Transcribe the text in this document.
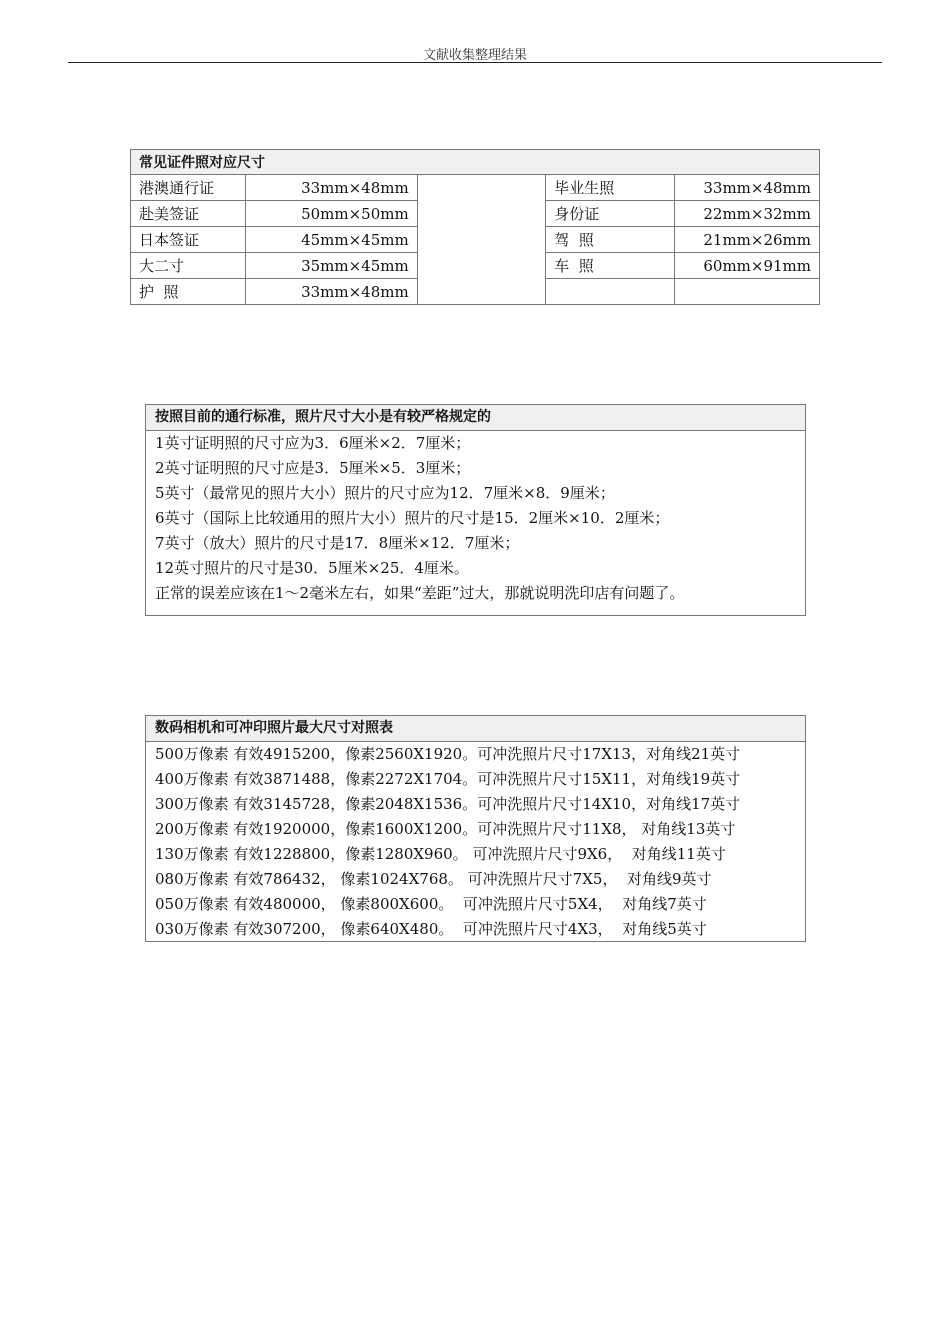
文献收集整理结果
常见证件照对应尺寸				
港澳通行证	33mm×48mm		毕业生照	33mm×48mm
赴美签证	50mm×50mm		身份证	22mm×32mm
日本签证	45mm×45mm		驾  照	21mm×26mm
大二寸	35mm×45mm		车  照	60mm×91mm
护  照	33mm×48mm			
按照目前的通行标准，照片尺寸大小是有较严格规定的
1英寸证明照的尺寸应为3．6厘米×2．7厘米；
2英寸证明照的尺寸应是3．5厘米×5．3厘米；
5英寸（最常见的照片大小）照片的尺寸应为12．7厘米×8．9厘米；
6英寸（国际上比较通用的照片大小）照片的尺寸是15．2厘米×10．2厘米；
7英寸（放大）照片的尺寸是17．8厘米×12．7厘米；
12英寸照片的尺寸是30．5厘米×25．4厘米。
正常的误差应该在1～2毫米左右，如果“差距”过大，那就说明洗印店有问题了。
数码相机和可冲印照片最大尺寸对照表
500万像素 有效4915200，像素2560X1920。可冲洗照片尺寸17X13，对角线21英寸
400万像素 有效3871488，像素2272X1704。可冲洗照片尺寸15X11，对角线19英寸
300万像素 有效3145728，像素2048X1536。可冲洗照片尺寸14X10，对角线17英寸
200万像素 有效1920000，像素1600X1200。可冲洗照片尺寸11X8， 对角线13英寸
130万像素 有效1228800，像素1280X960。 可冲洗照片尺寸9X6，  对角线11英寸
080万像素 有效786432， 像素1024X768。 可冲洗照片尺寸7X5，  对角线9英寸
050万像素 有效480000， 像素800X600。  可冲洗照片尺寸5X4，  对角线7英寸
030万像素 有效307200， 像素640X480。  可冲洗照片尺寸4X3，  对角线5英寸
